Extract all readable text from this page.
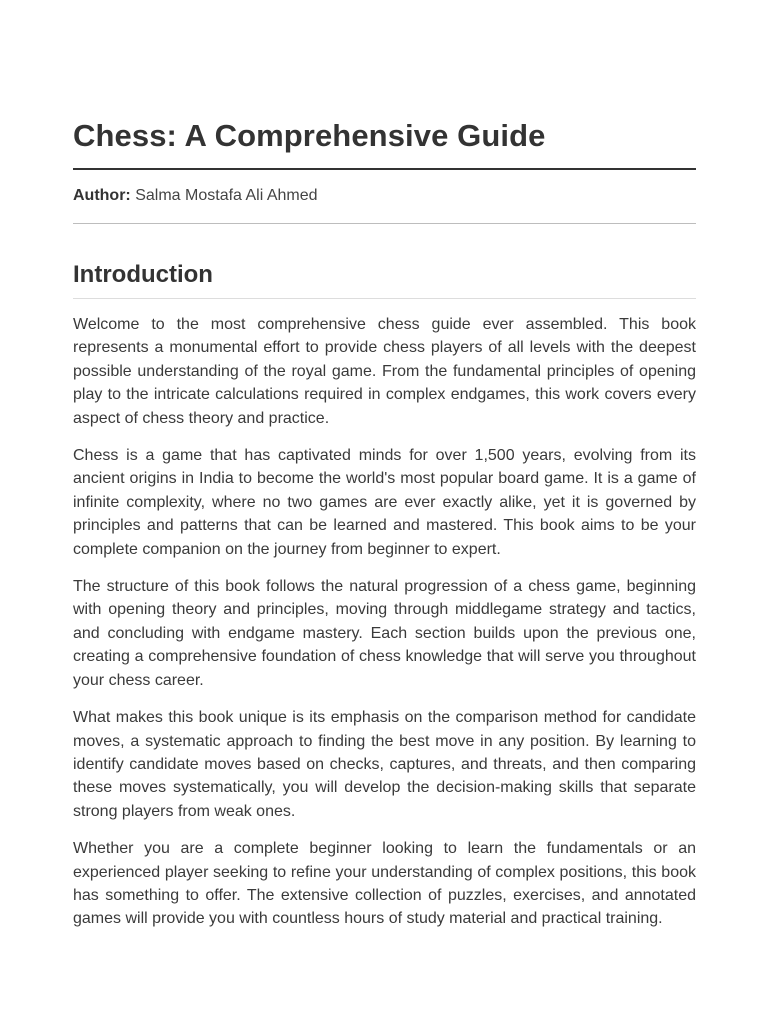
Chess: A Comprehensive Guide
Author: Salma Mostafa Ali Ahmed
Introduction

Welcome to the most comprehensive chess guide ever assembled. This book represents a monumental effort to provide chess players of all levels with the deepest possible understanding of the royal game. From the fundamental principles of opening play to the intricate calculations required in complex endgames, this work covers every aspect of chess theory and practice.

Chess is a game that has captivated minds for over 1,500 years, evolving from its ancient origins in India to become the world's most popular board game. It is a game of infinite complexity, where no two games are ever exactly alike, yet it is governed by principles and patterns that can be learned and mastered. This book aims to be your complete companion on the journey from beginner to expert.

The structure of this book follows the natural progression of a chess game, beginning with opening theory and principles, moving through middlegame strategy and tactics, and concluding with endgame mastery. Each section builds upon the previous one, creating a comprehensive foundation of chess knowledge that will serve you throughout your chess career.

What makes this book unique is its emphasis on the comparison method for candidate moves, a systematic approach to finding the best move in any position. By learning to identify candidate moves based on checks, captures, and threats, and then comparing these moves systematically, you will develop the decision-making skills that separate strong players from weak ones.

Whether you are a complete beginner looking to learn the fundamentals or an experienced player seeking to refine your understanding of complex positions, this book has something to offer. The extensive collection of puzzles, exercises, and annotated games will provide you with countless hours of study material and practical training.
